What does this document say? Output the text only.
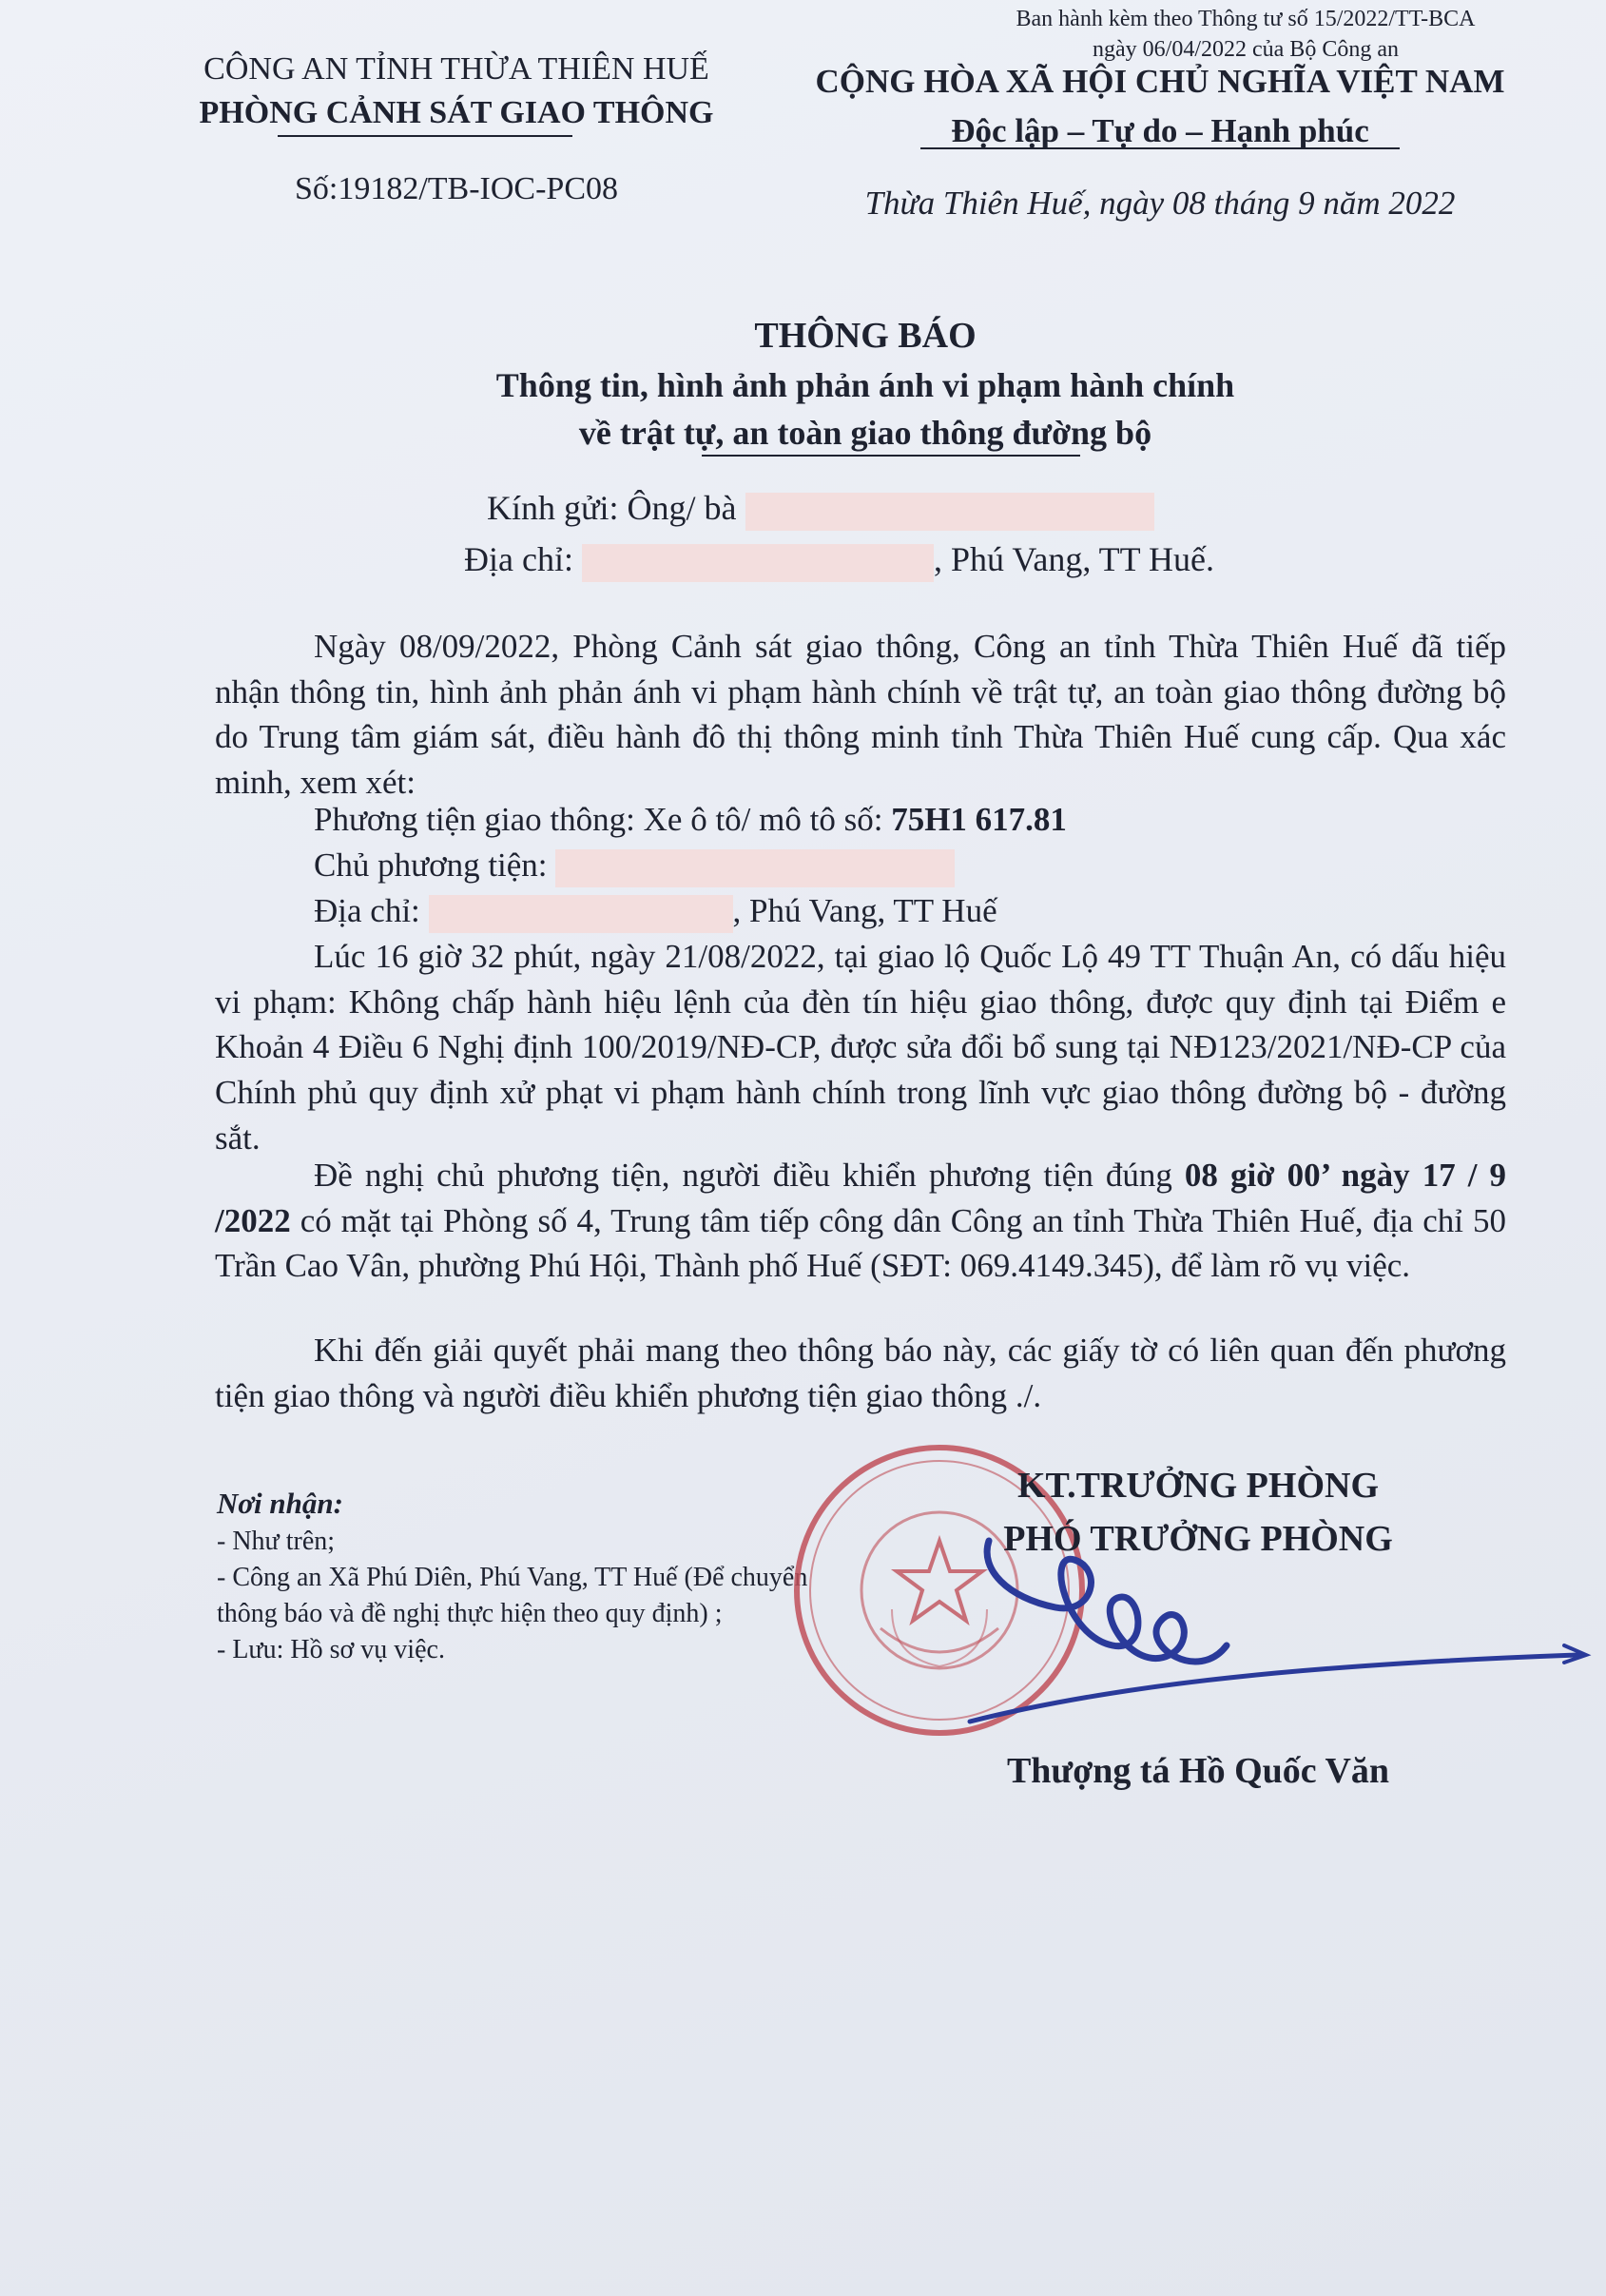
Ban hành kèm theo Thông tư số 15/2022/TT-BCA
ngày 06/04/2022 của Bộ Công an
CÔNG AN TỈNH THỪA THIÊN HUẾ
PHÒNG CẢNH SÁT GIAO THÔNG
Số:19182/TB-IOC-PC08
CỘNG HÒA XÃ HỘI CHỦ NGHĨA VIỆT NAM
Độc lập – Tự do – Hạnh phúc
Thừa Thiên Huế, ngày 08 tháng 9 năm 2022
THÔNG BÁO
Thông tin, hình ảnh phản ánh vi phạm hành chính
về trật tự, an toàn giao thông đường bộ
Kính gửi: Ông/ bà
Địa chỉ:	, Phú Vang, TT Huế.
Ngày 08/09/2022, Phòng Cảnh sát giao thông, Công an tỉnh Thừa Thiên Huế đã tiếp nhận thông tin, hình ảnh phản ánh vi phạm hành chính về trật tự, an toàn giao thông đường bộ do Trung tâm giám sát, điều hành đô thị thông minh tỉnh Thừa Thiên Huế cung cấp. Qua xác minh, xem xét:
Phương tiện giao thông: Xe ô tô/ mô tô số: 75H1 617.81
Chủ phương tiện:
Địa chỉ:	, Phú Vang, TT Huế
Lúc 16 giờ 32 phút, ngày 21/08/2022, tại giao lộ Quốc Lộ 49 TT Thuận An, có dấu hiệu vi phạm: Không chấp hành hiệu lệnh của đèn tín hiệu giao thông, được quy định tại Điểm e Khoản 4 Điều 6 Nghị định 100/2019/NĐ-CP, được sửa đổi bổ sung tại NĐ123/2021/NĐ-CP của Chính phủ quy định xử phạt vi phạm hành chính trong lĩnh vực giao thông đường bộ - đường sắt.
Đề nghị chủ phương tiện, người điều khiển phương tiện đúng 08 giờ 00’ ngày 17 / 9 /2022 có mặt tại Phòng số 4, Trung tâm tiếp công dân Công an tỉnh Thừa Thiên Huế, địa chỉ 50 Trần Cao Vân, phường Phú Hội, Thành phố Huế (SĐT: 069.4149.345), để làm rõ vụ việc.
Khi đến giải quyết phải mang theo thông báo này, các giấy tờ có liên quan đến phương tiện giao thông và người điều khiển phương tiện giao thông ./.
Nơi nhận:
- Như trên;
- Công an Xã Phú Diên, Phú Vang, TT Huế (Để chuyển thông báo và đề nghị thực hiện theo quy định) ;
- Lưu: Hồ sơ vụ việc.
KT.TRƯỞNG PHÒNG
PHÓ TRƯỞNG PHÒNG
Thượng tá Hồ Quốc Văn
